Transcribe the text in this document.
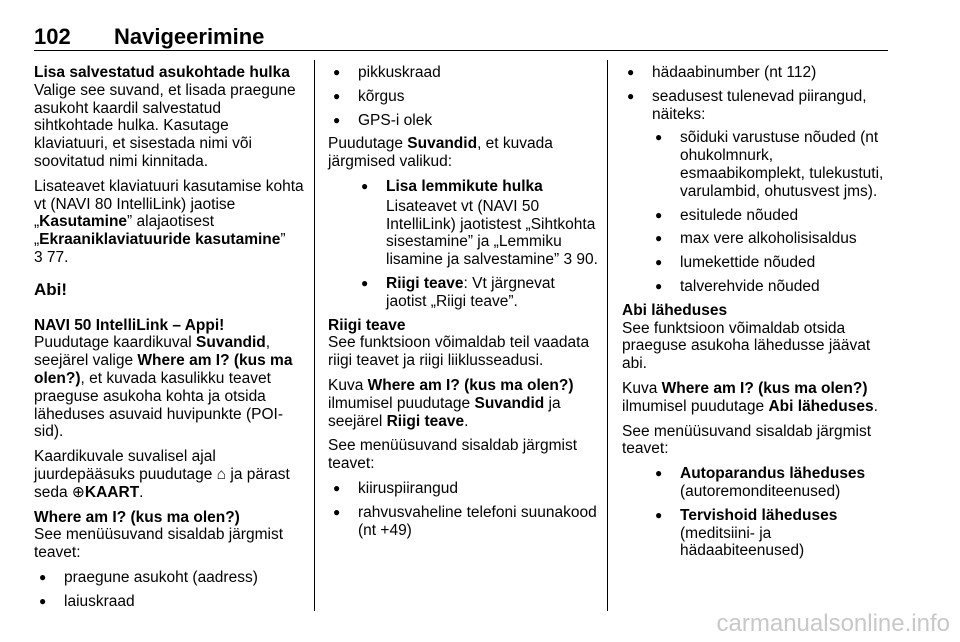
102 Navigeerimine

Lisa salvestatud asukohtade hulka

Valige see suvand, et lisada praegune asukoht kaardil salvestatud sihtkohtade hulka. Kasutage klaviatuuri, et sisestada nimi või soovitatud nimi kinnitada.

Lisateavet klaviatuuri kasutamise kohta vt (NAVI 80 IntelliLink) jaotise „Kasutamine” alajaotisest „Ekraaniklaviatuuride kasutamine”
3 77.

Abi!

NAVI 50 IntelliLink – Appi!

Puudutage kaardikuval Suvandid, seejärel valige Where am I? (kus ma olen?), et kuvada kasulikku teavet praeguse asukoha kohta ja otsida läheduses asuvaid huvipunkte (POI-sid).

Kaardikuvale suvalisel ajal juurdepääsuks puudutage ⌂ ja pärast seda ⊕KAART.

Where am I? (kus ma olen?)

See menüüsuvand sisaldab järgmist teavet:

● praegune asukoht (aadress)
● laiuskraad
● pikkuskraad
● kõrgus
● GPS-i olek

Puudutage Suvandid, et kuvada järgmised valikud:

● Lisa lemmikute hulka

Lisateavet vt (NAVI 50 IntelliLink) jaotistest „Sihtkohta sisestamine” ja „Lemmiku lisamine ja salvestamine” 3 90.

● Riigi teave: Vt järgnevat jaotist „Riigi teave”.

Riigi teave

See funktsioon võimaldab teil vaadata riigi teavet ja riigi liiklusseadusi.

Kuva Where am I? (kus ma olen?) ilmumisel puudutage Suvandid ja seejärel Riigi teave.

See menüüsuvand sisaldab järgmist teavet:

● kiiruspiirangud
● rahvusvaheline telefoni suunakood (nt +49)
● hädaabinumber (nt 112)
● seadusest tulenevad piirangud, näiteks:
● sõiduki varustuse nõuded (nt ohukolmnurk, esmaabikomplekt, tulekustuti, varulambid, ohutusvest jms).
● esitulede nõuded
● max vere alkoholisisaldus
● lumekettide nõuded
● talverehvide nõuded

Abi läheduses

See funktsioon võimaldab otsida praeguse asukoha lähedusse jäävat abi.

Kuva Where am I? (kus ma olen?) ilmumisel puudutage Abi läheduses.

See menüüsuvand sisaldab järgmist teavet:

● Autoparandus läheduses (autoremonditeenused)
● Tervishoid läheduses (meditsiini- ja hädaabiteenused)
carmanualsonline.info
